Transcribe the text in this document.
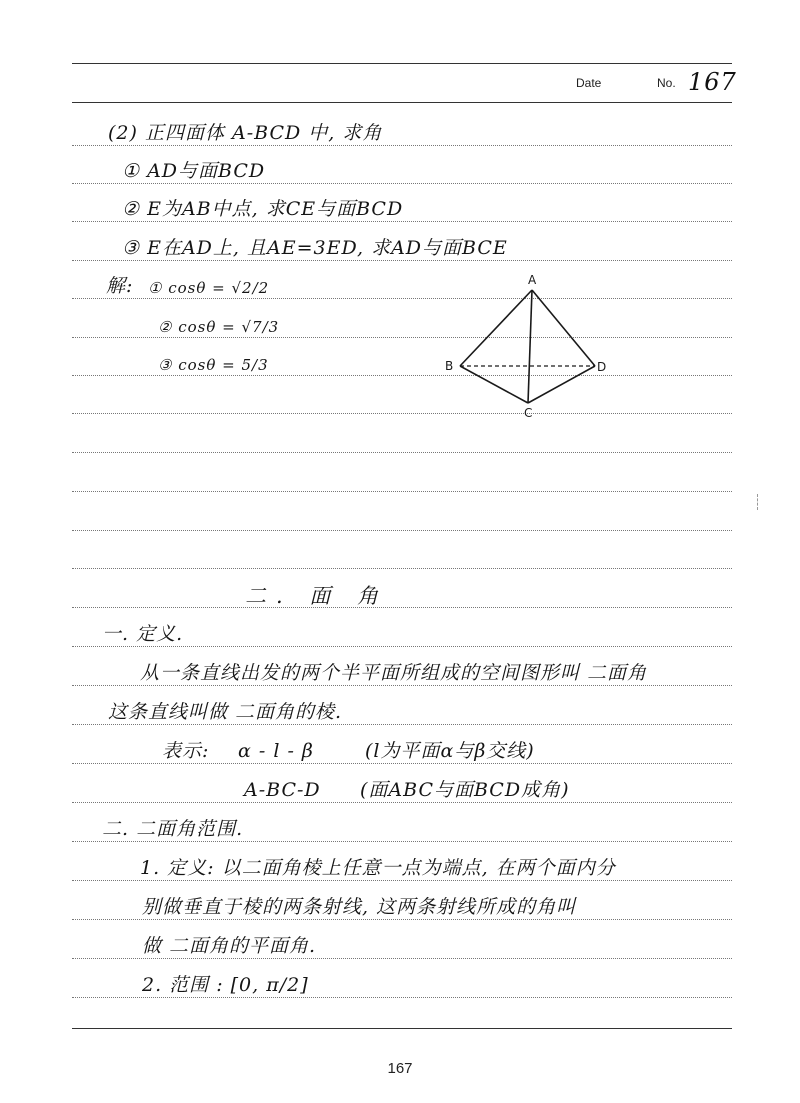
Date	No. 167
(2) 正四面体 A-BCD 中, 求角
① AD与面BCD
② E为AB中点, 求CE与面BCD
③ E在AD上, 且AE=3ED, 求AD与面BCE
解: ① cosθ = √2/2
② cosθ = √7/3
③ cosθ = 5/3
A
B
C
D
二. 面 角
一. 定义.
从一条直线出发的两个半平面所组成的空间图形叫 二面角
这条直线叫做 二面角的棱.
表示: α - l - β	(l为平面α与β交线)
A-BC-D (面ABC与面BCD成角)
二. 二面角范围.
1. 定义: 以二面角棱上任意一点为端点, 在两个面内分
别做垂直于棱的两条射线, 这两条射线所成的角叫
做 二面角的平面角.
2. 范围 : [0, π/2]
167
